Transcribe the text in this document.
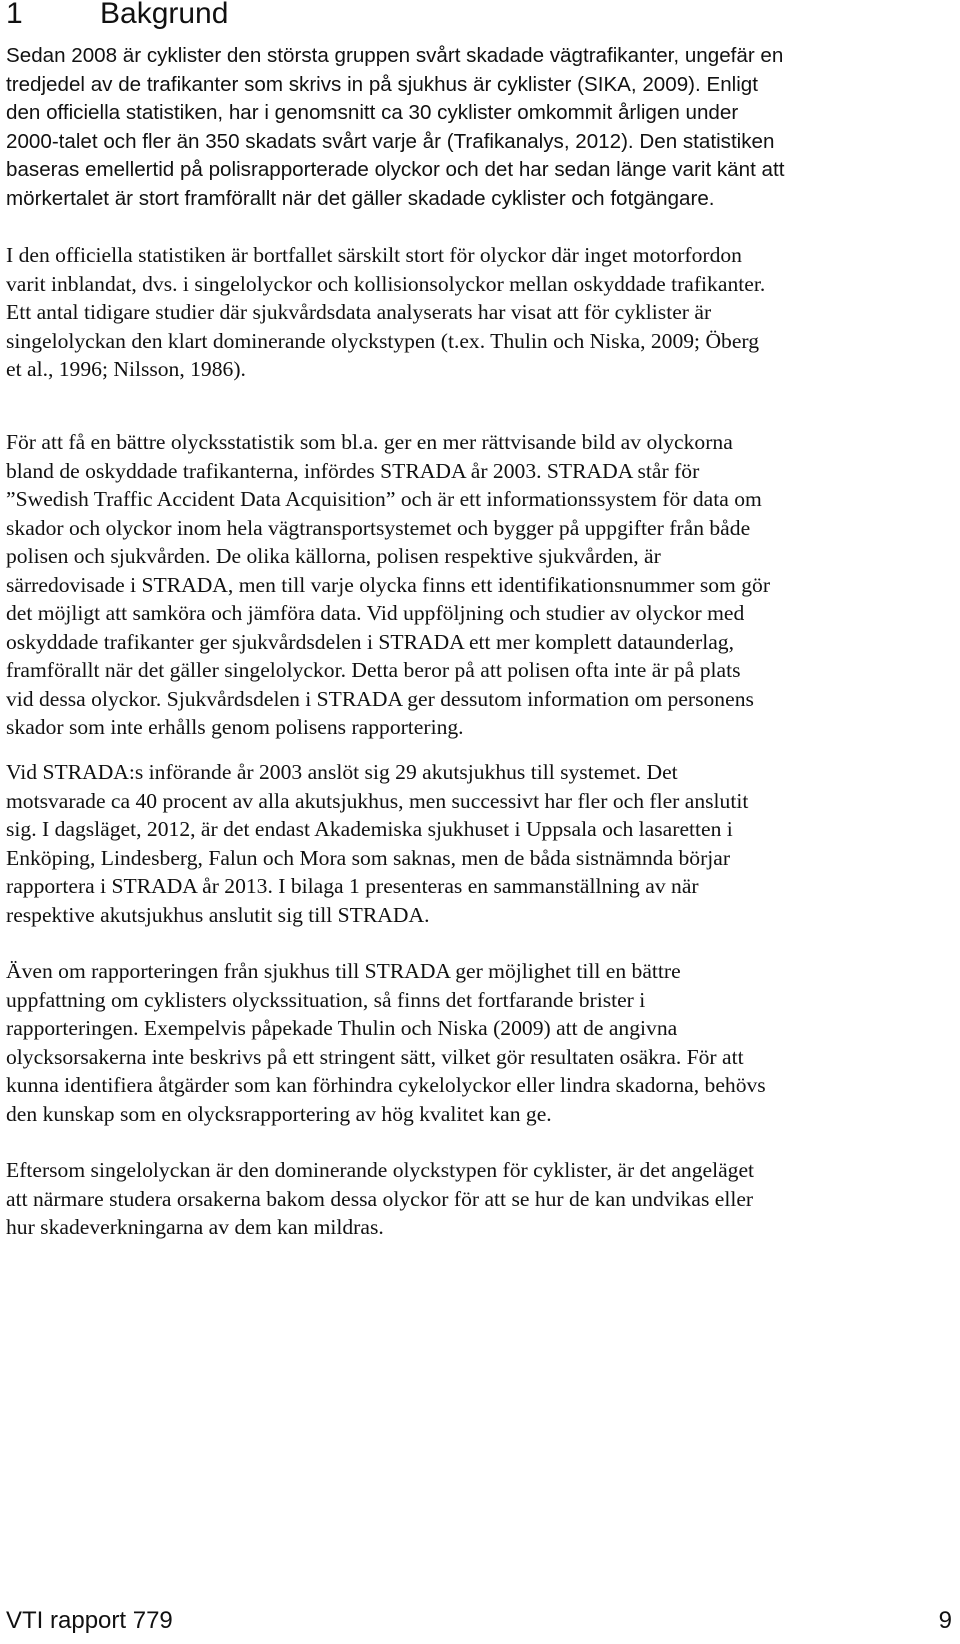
1	Bakgrund

Sedan 2008 är cyklister den största gruppen svårt skadade vägtrafikanter, ungefär en
tredjedel av de trafikanter som skrivs in på sjukhus är cyklister (SIKA, 2009). Enligt
den officiella statistiken, har i genomsnitt ca 30 cyklister omkommit årligen under
2000-talet och fler än 350 skadats svårt varje år (Trafikanalys, 2012). Den statistiken
baseras emellertid på polisrapporterade olyckor och det har sedan länge varit känt att
mörkertalet är stort framförallt när det gäller skadade cyklister och fotgängare.

I den officiella statistiken är bortfallet särskilt stort för olyckor där inget motorfordon
varit inblandat, dvs. i singelolyckor och kollisionsolyckor mellan oskyddade trafikanter.
Ett antal tidigare studier där sjukvårdsdata analyserats har visat att för cyklister är
singelolyckan den klart dominerande olyckstypen (t.ex. Thulin och Niska, 2009; Öberg
et al., 1996; Nilsson, 1986).

För att få en bättre olycksstatistik som bl.a. ger en mer rättvisande bild av olyckorna
bland de oskyddade trafikanterna, infördes STRADA år 2003. STRADA står för
”Swedish Traffic Accident Data Acquisition” och är ett informationssystem för data om
skador och olyckor inom hela vägtransportsystemet och bygger på uppgifter från både
polisen och sjukvården. De olika källorna, polisen respektive sjukvården, är
särredovisade i STRADA, men till varje olycka finns ett identifikationsnummer som gör
det möjligt att samköra och jämföra data. Vid uppföljning och studier av olyckor med
oskyddade trafikanter ger sjukvårdsdelen i STRADA ett mer komplett dataunderlag,
framförallt när det gäller singelolyckor. Detta beror på att polisen ofta inte är på plats
vid dessa olyckor. Sjukvårdsdelen i STRADA ger dessutom information om personens
skador som inte erhålls genom polisens rapportering.

Vid STRADA:s införande år 2003 anslöt sig 29 akutsjukhus till systemet. Det
motsvarade ca 40 procent av alla akutsjukhus, men successivt har fler och fler anslutit
sig. I dagsläget, 2012, är det endast Akademiska sjukhuset i Uppsala och lasaretten i
Enköping, Lindesberg, Falun och Mora som saknas, men de båda sistnämnda börjar
rapportera i STRADA år 2013. I bilaga 1 presenteras en sammanställning av när
respektive akutsjukhus anslutit sig till STRADA.

Även om rapporteringen från sjukhus till STRADA ger möjlighet till en bättre
uppfattning om cyklisters olyckssituation, så finns det fortfarande brister i
rapporteringen. Exempelvis påpekade Thulin och Niska (2009) att de angivna
olycksorsakerna inte beskrivs på ett stringent sätt, vilket gör resultaten osäkra. För att
kunna identifiera åtgärder som kan förhindra cykelolyckor eller lindra skadorna, behövs
den kunskap som en olycksrapportering av hög kvalitet kan ge.

Eftersom singelolyckan är den dominerande olyckstypen för cyklister, är det angeläget
att närmare studera orsakerna bakom dessa olyckor för att se hur de kan undvikas eller
hur skadeverkningarna av dem kan mildras.

VTI rapport 779	9
